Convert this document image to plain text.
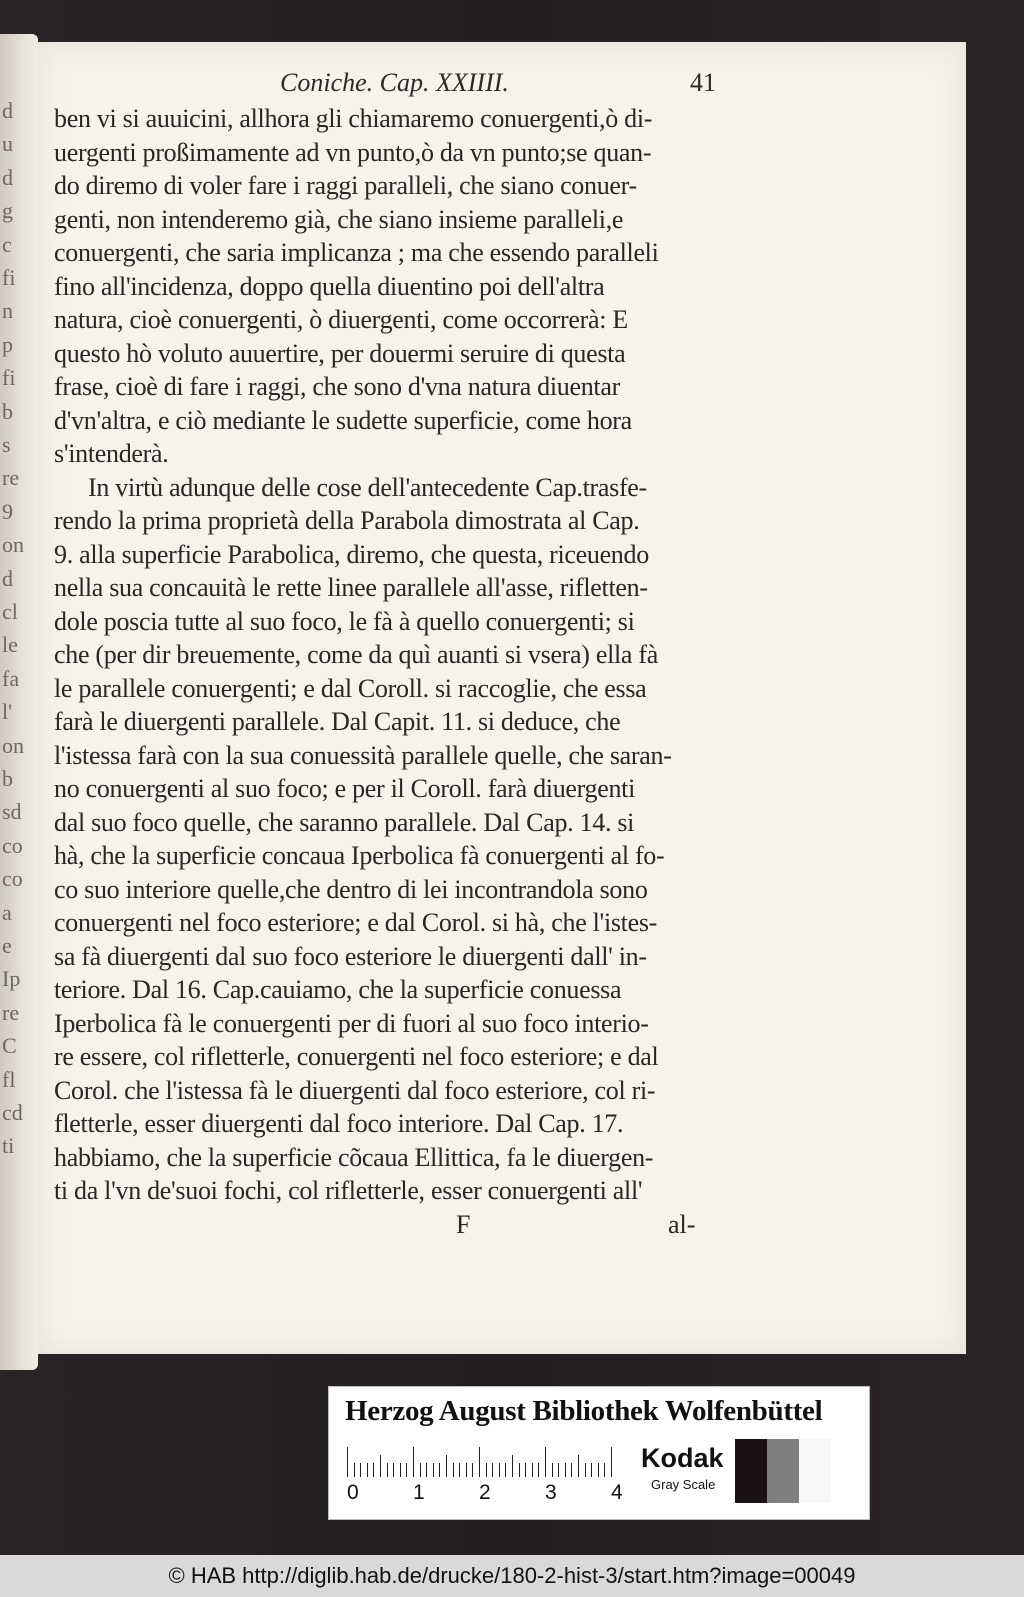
d
u
d
g
c
fi
n
p
fi
b
s
re
9
on
d
cl
le
fa
l'
on
b
sd
co
co
a
e
Ip
re
C
fl
cd
ti
Coniche. Cap. XXIIII.	41
ben vi si auuicini, allhora gli chiamaremo conuergenti,ò di-
uergenti proßimamente ad vn punto,ò da vn punto;se quan-
do diremo di voler fare i raggi paralleli, che siano conuer-
genti, non intenderemo già, che siano insieme paralleli,e
conuergenti, che saria implicanza ; ma che essendo paralleli
fino all'incidenza, doppo quella diuentino poi dell'altra
natura, cioè conuergenti, ò diuergenti, come occorrerà: E
questo hò voluto auuertire, per douermi seruire di questa
frase, cioè di fare i raggi, che sono d'vna natura diuentar
d'vn'altra, e ciò mediante le sudette superficie, come hora
s'intenderà.
In virtù adunque delle cose dell'antecedente Cap.trasfe-
rendo la prima proprietà della Parabola dimostrata al Cap.
9. alla superficie Parabolica, diremo, che questa, riceuendo
nella sua concauità le rette linee parallele all'asse, rifletten-
dole poscia tutte al suo foco, le fà à quello conuergenti; si
che (per dir breuemente, come da quì auanti si vsera) ella fà
le parallele conuergenti; e dal Coroll. si raccoglie, che essa
farà le diuergenti parallele. Dal Capit. 11. si deduce, che
l'istessa farà con la sua conuessità parallele quelle, che saran-
no conuergenti al suo foco; e per il Coroll. farà diuergenti
dal suo foco quelle, che saranno parallele. Dal Cap. 14. si
hà, che la superficie concaua Iperbolica fà conuergenti al fo-
co suo interiore quelle,che dentro di lei incontrandola sono
conuergenti nel foco esteriore; e dal Corol. si hà, che l'istes-
sa fà diuergenti dal suo foco esteriore le diuergenti dall' in-
teriore. Dal 16. Cap.cauiamo, che la superficie conuessa
Iperbolica fà le conuergenti per di fuori al suo foco interio-
re essere, col rifletterle, conuergenti nel foco esteriore; e dal
Corol. che l'istessa fà le diuergenti dal foco esteriore, col ri-
fletterle, esser diuergenti dal foco interiore. Dal Cap. 17.
habbiamo, che la superficie cõcaua Ellittica, fa le diuergen-
ti da l'vn de'suoi fochi, col rifletterle, esser conuergenti all'
F	al-
Herzog August Bibliothek Wolfenbüttel
0	1	2	3	4
Kodak
Gray Scale
© HAB http://diglib.hab.de/drucke/180-2-hist-3/start.htm?image=00049
